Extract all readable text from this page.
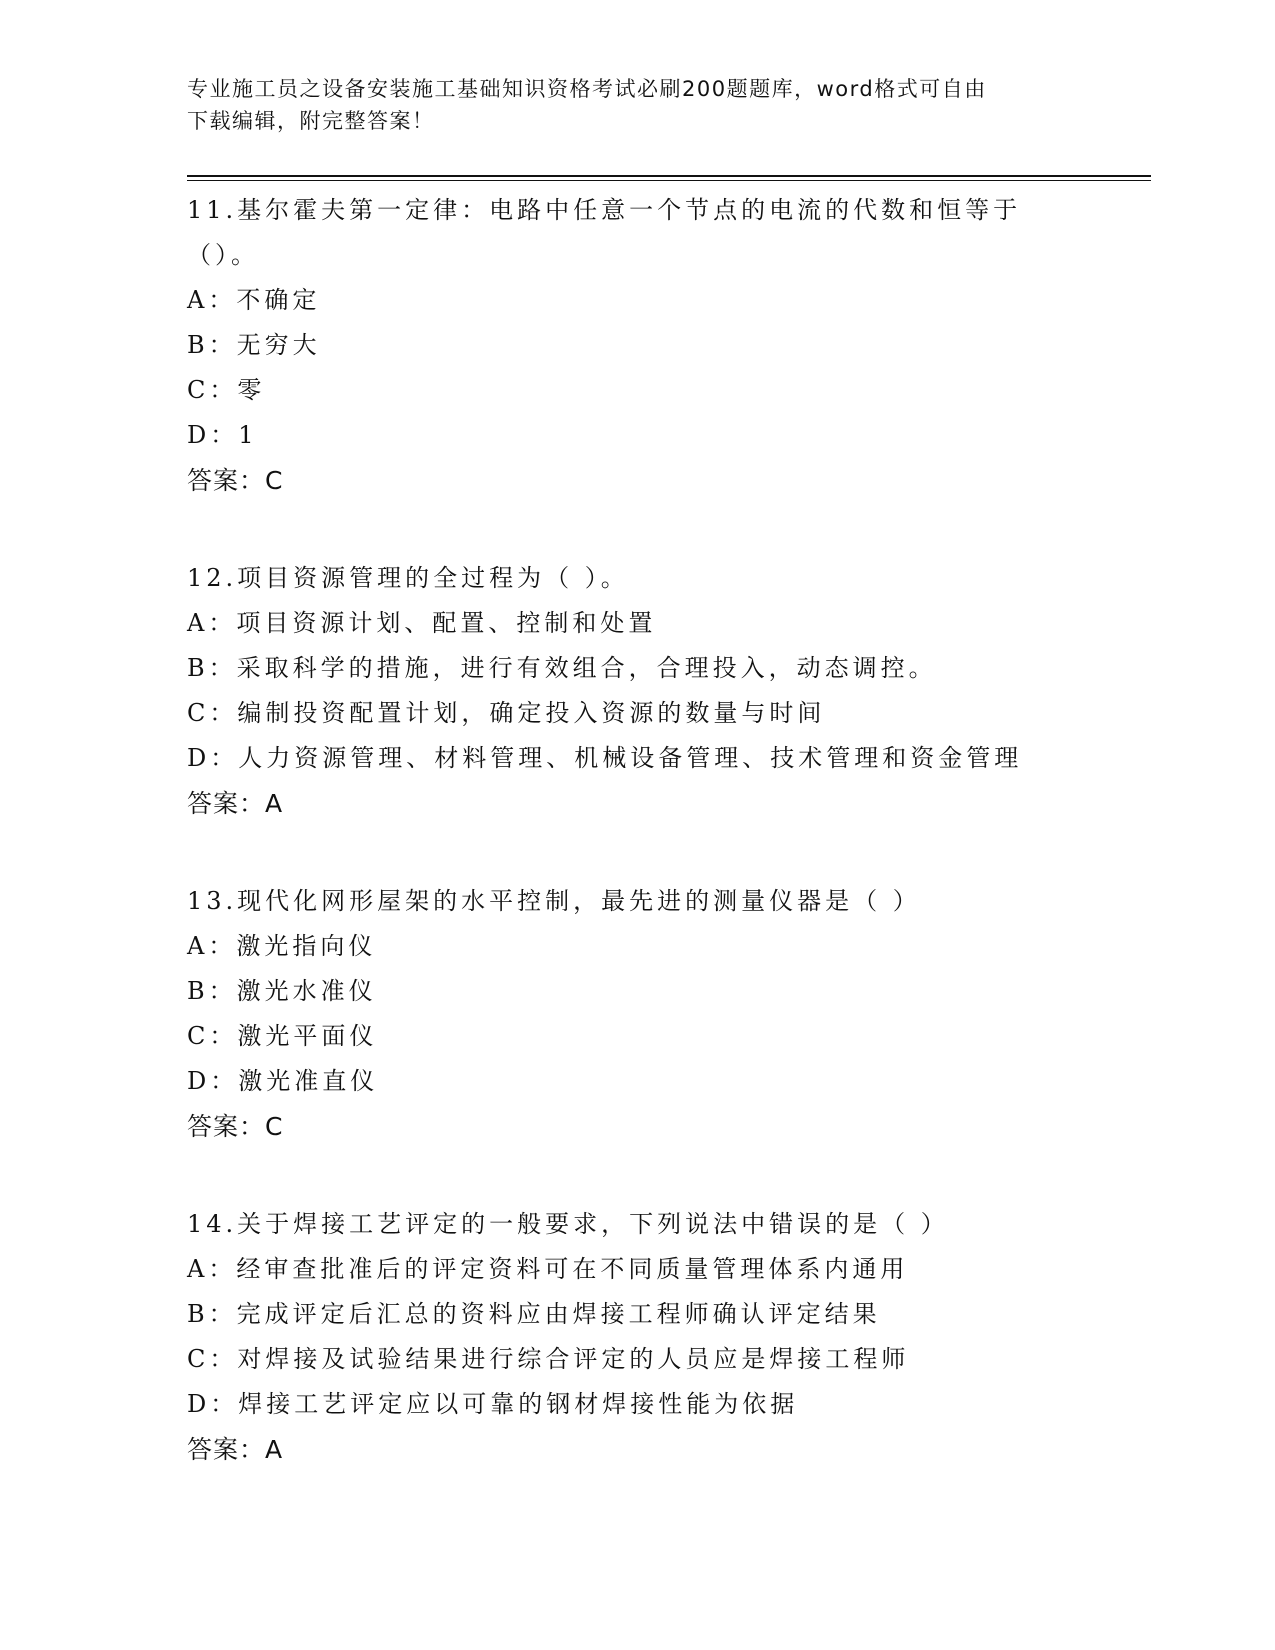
专业施工员之设备安装施工基础知识资格考试必刷200题题库，word格式可自由
下载编辑，附完整答案！
11.基尔霍夫第一定律：电路中任意一个节点的电流的代数和恒等于（）。
A：不确定
B：无穷大
C：零
D：1
答案：C
12.项目资源管理的全过程为（ ）。
A：项目资源计划、配置、控制和处置
B：采取科学的措施，进行有效组合，合理投入，动态调控。
C：编制投资配置计划，确定投入资源的数量与时间
D：人力资源管理、材料管理、机械设备管理、技术管理和资金管理
答案：A
13.现代化网形屋架的水平控制，最先进的测量仪器是（ ）
A：激光指向仪
B：激光水准仪
C：激光平面仪
D：激光准直仪
答案：C
14.关于焊接工艺评定的一般要求，下列说法中错误的是（ ）
A：经审查批准后的评定资料可在不同质量管理体系内通用
B：完成评定后汇总的资料应由焊接工程师确认评定结果
C：对焊接及试验结果进行综合评定的人员应是焊接工程师
D：焊接工艺评定应以可靠的钢材焊接性能为依据
答案：A
